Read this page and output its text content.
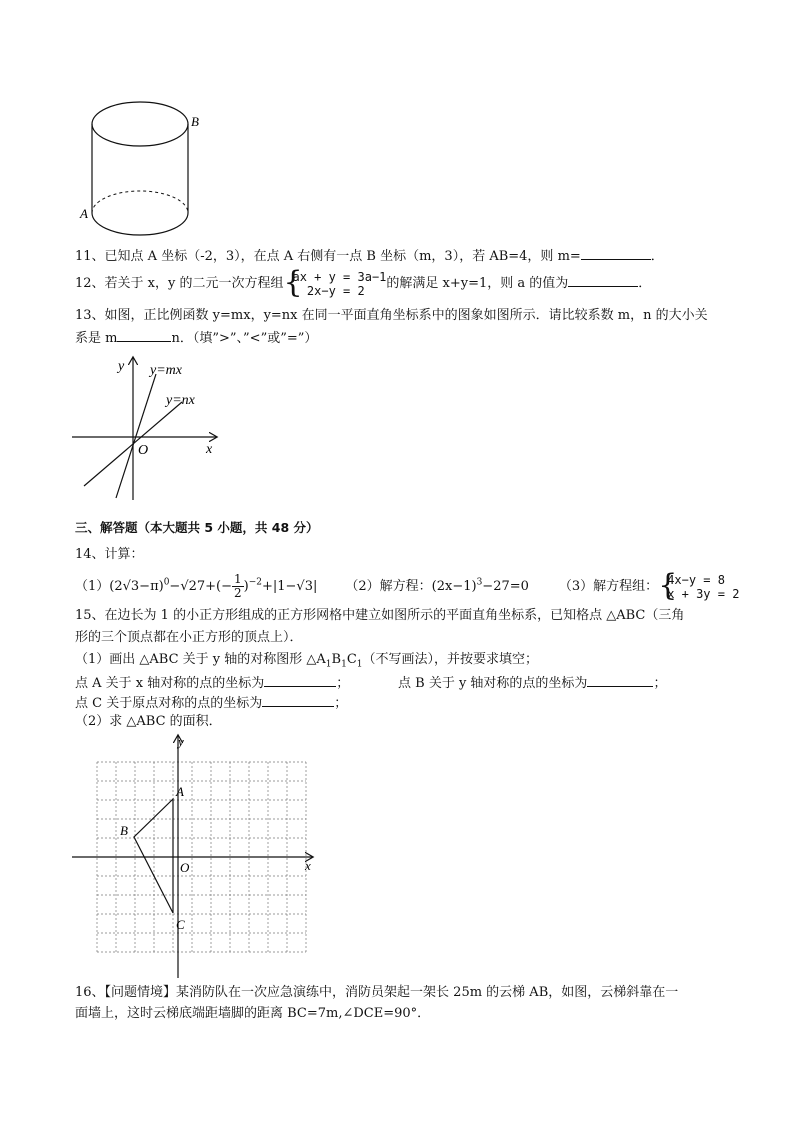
B
A
11、已知点 A 坐标（-2，3），在点 A 右侧有一点 B 坐标（m，3），若 AB=4，则 m=	．
12、若关于 x，y 的二元一次方程组 {
ax + y = 3a−1
2x−y = 2	的解满足 x+y=1，则 a 的值为	．
13、如图，正比例函数 y=mx，y=nx 在同一平面直角坐标系中的图象如图所示．请比较系数 m，n 的大小关
系是 m	n．（填”>”、”<”或”=”）
y
x
O
y=mx
y=nx
三、解答题（本大题共 5 小题，共 48 分）
14、计算：
$(1)(2√3-\pi)^0-√27+(- \frac{1}{2} )^{-2}+|1-√3|$ （2）解方程：$(2x-1)^3-27=0$ （3）解方程组： {
4x−y = 8
x + 3y = 2
15、在边长为 1 的小正方形组成的正方形网格中建立如图所示的平面直角坐标系，已知格点 △ABC（三角
形的三个顶点都在小正方形的顶点上）．
（1）画出 △ABC 关于 y 轴的对称图形 $\triangle A_1B_1C_1$（不写画法），并按要求填空；
点 A 关于 x 轴对称的点的坐标为	；	点 B 关于 y 轴对称的点的坐标为	；
点 C 关于原点对称的点的坐标为	；
（2）求 △ABC 的面积．
y
x
O
A
B
C
16、【问题情境】某消防队在一次应急演练中，消防员架起一架长 25m 的云梯 AB，如图，云梯斜靠在一
面墙上，这时云梯底端距墙脚的距离 BC=7m,∠DCE=90°．
